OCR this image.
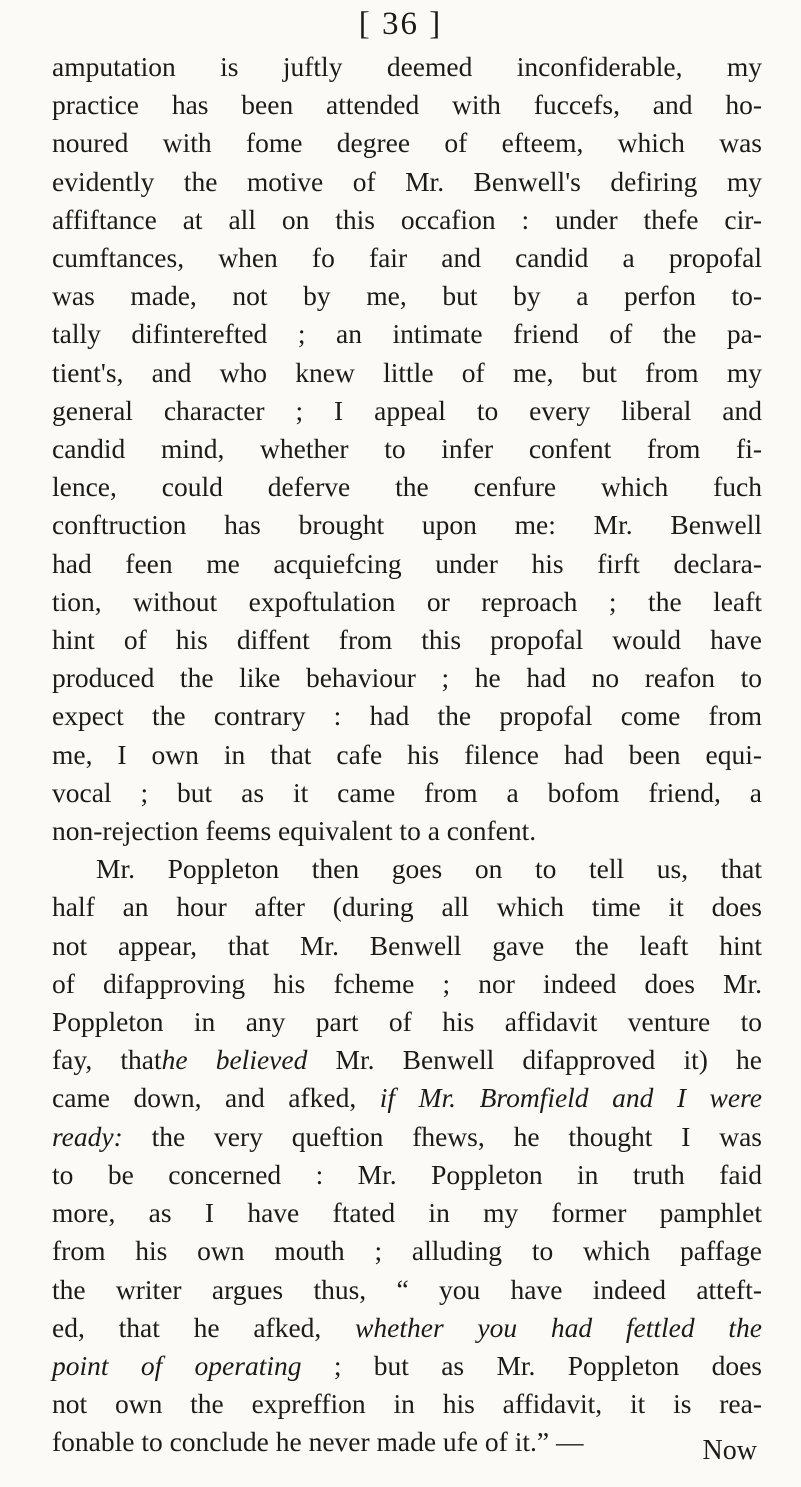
[ 36 ]
amputation is juftly deemed inconfiderable, my
practice has been attended with fuccefs, and ho-
noured with fome degree of efteem, which was
evidently the motive of Mr. Benwell's defiring my
affiftance at all on this occafion : under thefe cir-
cumftances, when fo fair and candid a propofal
was made, not by me, but by a perfon to-
tally difinterefted ; an intimate friend of the pa-
tient's, and who knew little of me, but from my
general character ; I appeal to every liberal and
candid mind, whether to infer confent from fi-
lence, could deferve the cenfure which fuch
conftruction has brought upon me: Mr. Benwell
had feen me acquiefcing under his firft declara-
tion, without expoftulation or reproach ; the leaft
hint of his diffent from this propofal would have
produced the like behaviour ; he had no reafon to
expect the contrary : had the propofal come from
me, I own in that cafe his filence had been equi-
vocal ; but as it came from a bofom friend, a
non-rejection feems equivalent to a confent.
Mr. Poppleton then goes on to tell us, that
half an hour after (during all which time it does
not appear, that Mr. Benwell gave the leaft hint
of difapproving his fcheme ; nor indeed does Mr.
Poppleton in any part of his affidavit venture to
fay, thathe believed Mr. Benwell difapproved it) he
came down, and afked, if Mr. Bromfield and I were
ready: the very queftion fhews, he thought I was
to be concerned : Mr. Poppleton in truth faid
more, as I have ftated in my former pamphlet
from his own mouth ; alluding to which paffage
the writer argues thus, “ you have indeed atteft-
ed, that he afked, whether you had fettled the
point of operating ; but as Mr. Poppleton does
not own the expreffion in his affidavit, it is rea-
fonable to conclude he never made ufe of it.” —	Now
